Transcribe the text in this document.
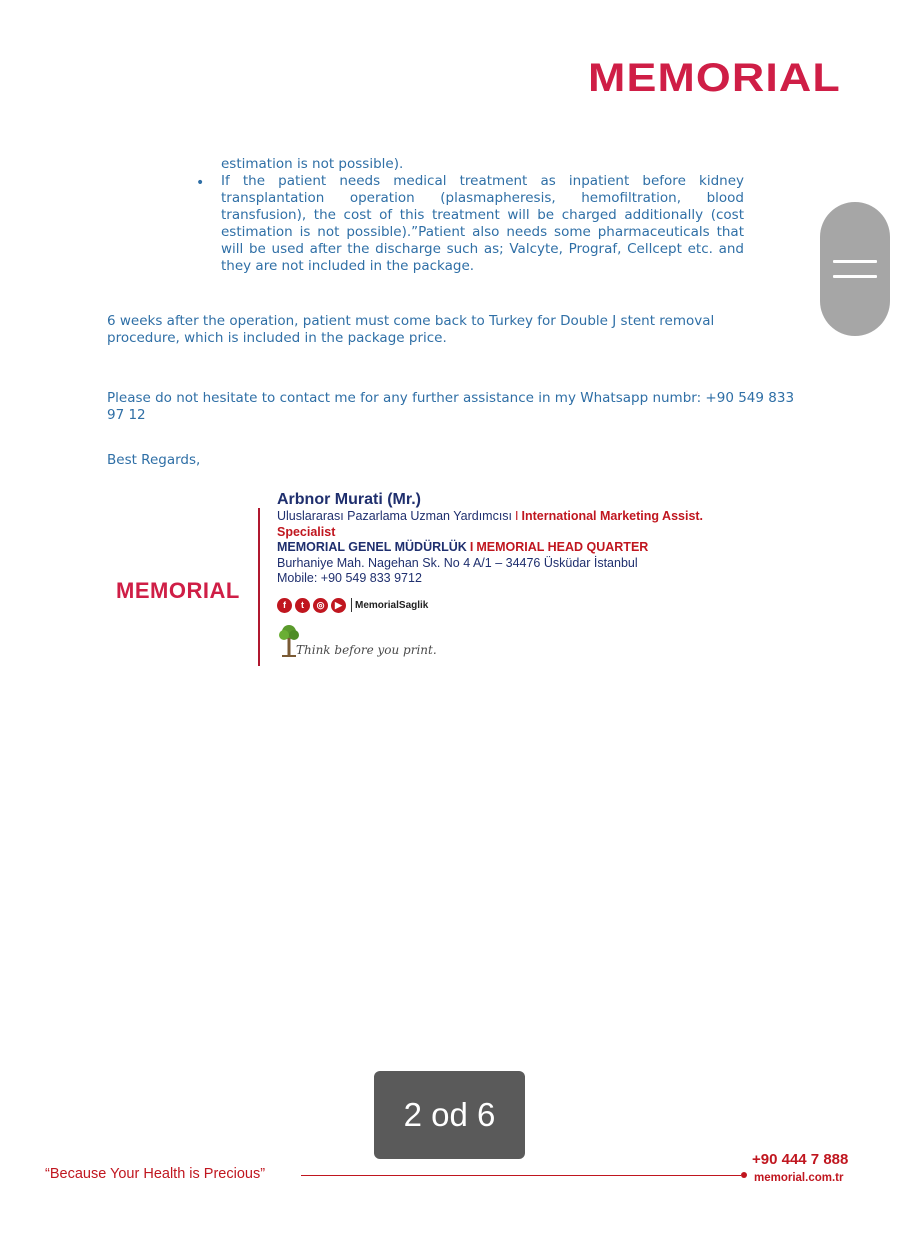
MEMORIAL
estimation is not possible).
• If the patient needs medical treatment as inpatient before kidney transplantation operation (plasmapheresis, hemofiltration, blood transfusion), the cost of this treatment will be charged additionally (cost estimation is not possible).”Patient also needs some pharmaceuticals that will be used after the discharge such as; Valcyte, Prograf, Cellcept etc. and they are not included in the package.
6 weeks after the operation, patient must come back to Turkey for Double J stent removal procedure, which is included in the package price.
Please do not hesitate to contact me for any further assistance in my Whatsapp numbr: +90 549 833 97 12
Best Regards,
MEMORIAL
Arbnor Murati (Mr.)
Uluslararası Pazarlama Uzman Yardımcısı I International Marketing Assist. Specialist
MEMORIAL GENEL MÜDÜRLÜK I MEMORIAL HEAD QUARTER
Burhaniye Mah. Nagehan Sk. No 4 A/1 – 34476 Üsküdar İstanbul
Mobile: +90 549 833 9712
f	t	◎	▶	MemorialSaglik
Think before you print.
2 od 6
“Because Your Health is Precious”
+90 444 7 888
memorial.com.tr
